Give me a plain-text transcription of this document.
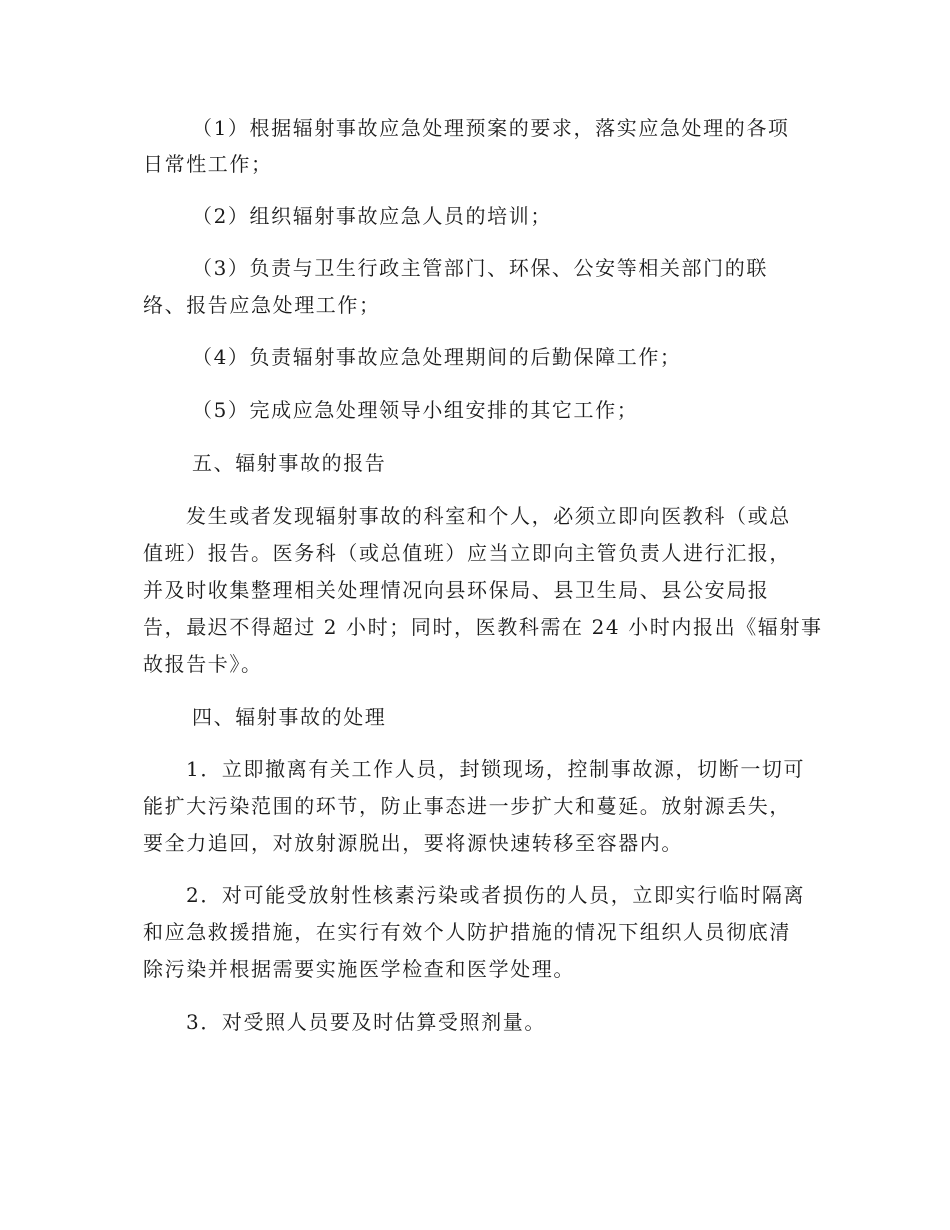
（1）根据辐射事故应急处理预案的要求，落实应急处理的各项
日常性工作；
（2）组织辐射事故应急人员的培训；
（3）负责与卫生行政主管部门、环保、公安等相关部门的联
络、报告应急处理工作；
（4）负责辐射事故应急处理期间的后勤保障工作；
（5）完成应急处理领导小组安排的其它工作；
五、辐射事故的报告
发生或者发现辐射事故的科室和个人，必须立即向医教科（或总
值班）报告。医务科（或总值班）应当立即向主管负责人进行汇报，
并及时收集整理相关处理情况向县环保局、县卫生局、县公安局报
告，最迟不得超过 2 小时；同时，医教科需在 24 小时内报出《辐射事
故报告卡》。
四、辐射事故的处理
1．立即撤离有关工作人员，封锁现场，控制事故源，切断一切可
能扩大污染范围的环节，防止事态进一步扩大和蔓延。放射源丢失，
要全力追回，对放射源脱出，要将源快速转移至容器内。
2．对可能受放射性核素污染或者损伤的人员，立即实行临时隔离
和应急救援措施，在实行有效个人防护措施的情况下组织人员彻底清
除污染并根据需要实施医学检查和医学处理。
3．对受照人员要及时估算受照剂量。
